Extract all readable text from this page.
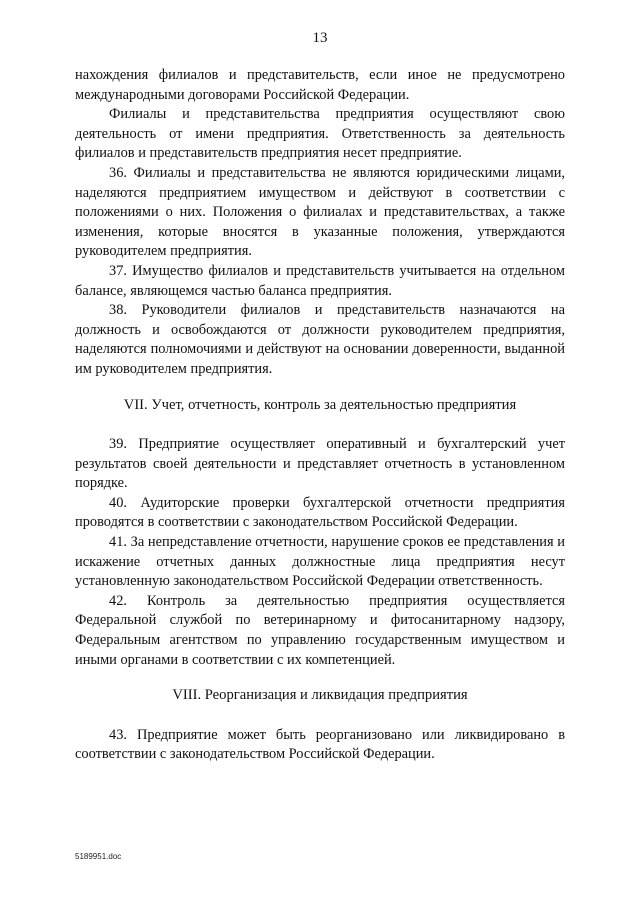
13

нахождения филиалов и представительств, если иное не предусмотрено международными договорами Российской Федерации.

Филиалы и представительства предприятия осуществляют свою деятельность от имени предприятия. Ответственность за деятельность филиалов и представительств предприятия несет предприятие.

36. Филиалы и представительства не являются юридическими лицами, наделяются предприятием имуществом и действуют в соответствии с положениями о них. Положения о филиалах и представительствах, а также изменения, которые вносятся в указанные положения, утверждаются руководителем предприятия.

37. Имущество филиалов и представительств учитывается на отдельном балансе, являющемся частью баланса предприятия.

38. Руководители филиалов и представительств назначаются на должность и освобождаются от должности руководителем предприятия, наделяются полномочиями и действуют на основании доверенности, выданной им руководителем предприятия.

VII. Учет, отчетность, контроль за деятельностью предприятия

39. Предприятие осуществляет оперативный и бухгалтерский учет результатов своей деятельности и представляет отчетность в установленном порядке.

40. Аудиторские проверки бухгалтерской отчетности предприятия проводятся в соответствии с законодательством Российской Федерации.

41. За непредставление отчетности, нарушение сроков ее представления и искажение отчетных данных должностные лица предприятия несут установленную законодательством Российской Федерации ответственность.

42. Контроль за деятельностью предприятия осуществляется Федеральной службой по ветеринарному и фитосанитарному надзору, Федеральным агентством по управлению государственным имуществом и иными органами в соответствии с их компетенцией.

VIII. Реорганизация и ликвидация предприятия

43. Предприятие может быть реорганизовано или ликвидировано в соответствии с законодательством Российской Федерации.

5189951.doc
